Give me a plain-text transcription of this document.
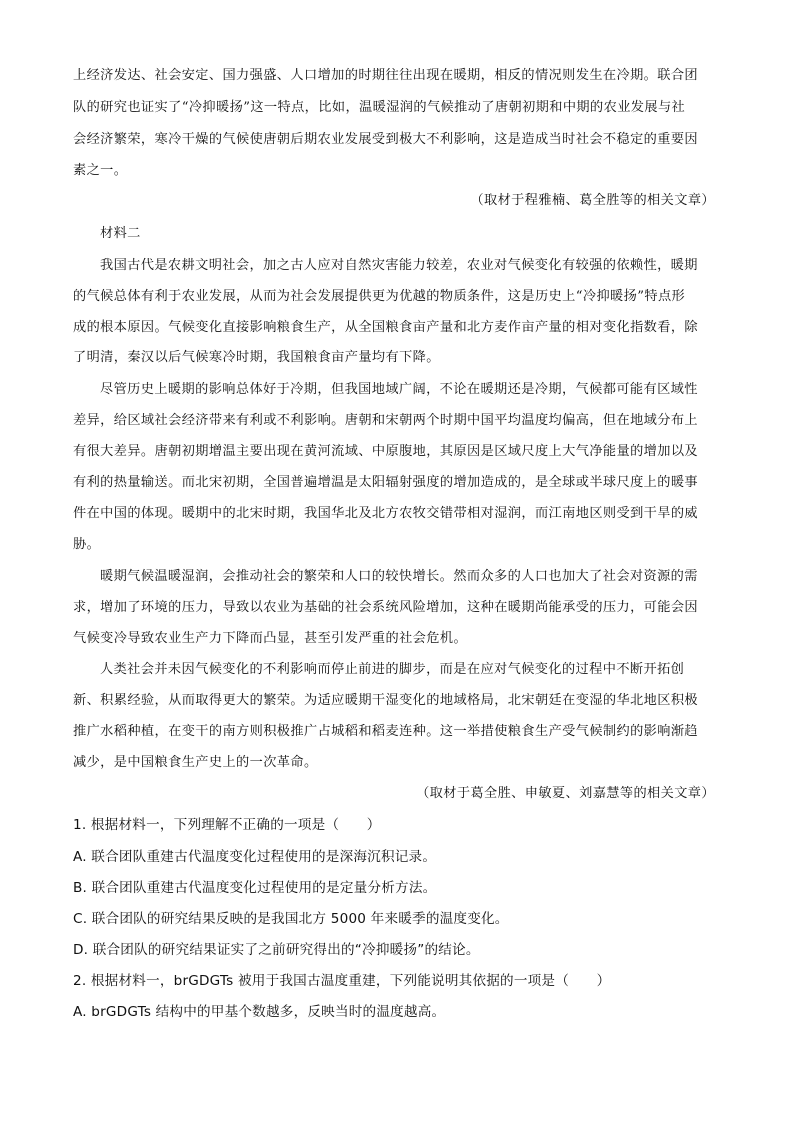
上经济发达、社会安定、国力强盛、人口增加的时期往往出现在暖期，相反的情况则发生在冷期。联合团
队的研究也证实了“冷抑暖扬”这一特点，比如，温暖湿润的气候推动了唐朝初期和中期的农业发展与社
会经济繁荣，寒冷干燥的气候使唐朝后期农业发展受到极大不利影响，这是造成当时社会不稳定的重要因
素之一。
（取材于程雅楠、葛全胜等的相关文章）
材料二
我国古代是农耕文明社会，加之古人应对自然灾害能力较差，农业对气候变化有较强的依赖性，暖期
的气候总体有利于农业发展，从而为社会发展提供更为优越的物质条件，这是历史上“冷抑暖扬”特点形
成的根本原因。气候变化直接影响粮食生产，从全国粮食亩产量和北方麦作亩产量的相对变化指数看，除
了明清，秦汉以后气候寒冷时期，我国粮食亩产量均有下降。
尽管历史上暖期的影响总体好于冷期，但我国地域广阔，不论在暖期还是冷期，气候都可能有区域性
差异，给区域社会经济带来有利或不利影响。唐朝和宋朝两个时期中国平均温度均偏高，但在地域分布上
有很大差异。唐朝初期增温主要出现在黄河流域、中原腹地，其原因是区域尺度上大气净能量的增加以及
有利的热量输送。而北宋初期，全国普遍增温是太阳辐射强度的增加造成的，是全球或半球尺度上的暖事
件在中国的体现。暖期中的北宋时期，我国华北及北方农牧交错带相对湿润，而江南地区则受到干旱的威
胁。
暖期气候温暖湿润，会推动社会的繁荣和人口的较快增长。然而众多的人口也加大了社会对资源的需
求，增加了环境的压力，导致以农业为基础的社会系统风险增加，这种在暖期尚能承受的压力，可能会因
气候变冷导致农业生产力下降而凸显，甚至引发严重的社会危机。
人类社会并未因气候变化的不利影响而停止前进的脚步，而是在应对气候变化的过程中不断开拓创
新、积累经验，从而取得更大的繁荣。为适应暖期干湿变化的地域格局，北宋朝廷在变湿的华北地区积极
推广水稻种植，在变干的南方则积极推广占城稻和稻麦连种。这一举措使粮食生产受气候制约的影响渐趋
减少，是中国粮食生产史上的一次革命。
（取材于葛全胜、申敏夏、刘嘉慧等的相关文章）
1. 根据材料一，下列理解不正确的一项是（　　）
A. 联合团队重建古代温度变化过程使用的是深海沉积记录。
B. 联合团队重建古代温度变化过程使用的是定量分析方法。
C. 联合团队的研究结果反映的是我国北方 5000 年来暖季的温度变化。
D. 联合团队的研究结果证实了之前研究得出的“冷抑暖扬”的结论。
2. 根据材料一，brGDGTs 被用于我国古温度重建，下列能说明其依据的一项是（　　）
A. brGDGTs 结构中的甲基个数越多，反映当时的温度越高。
